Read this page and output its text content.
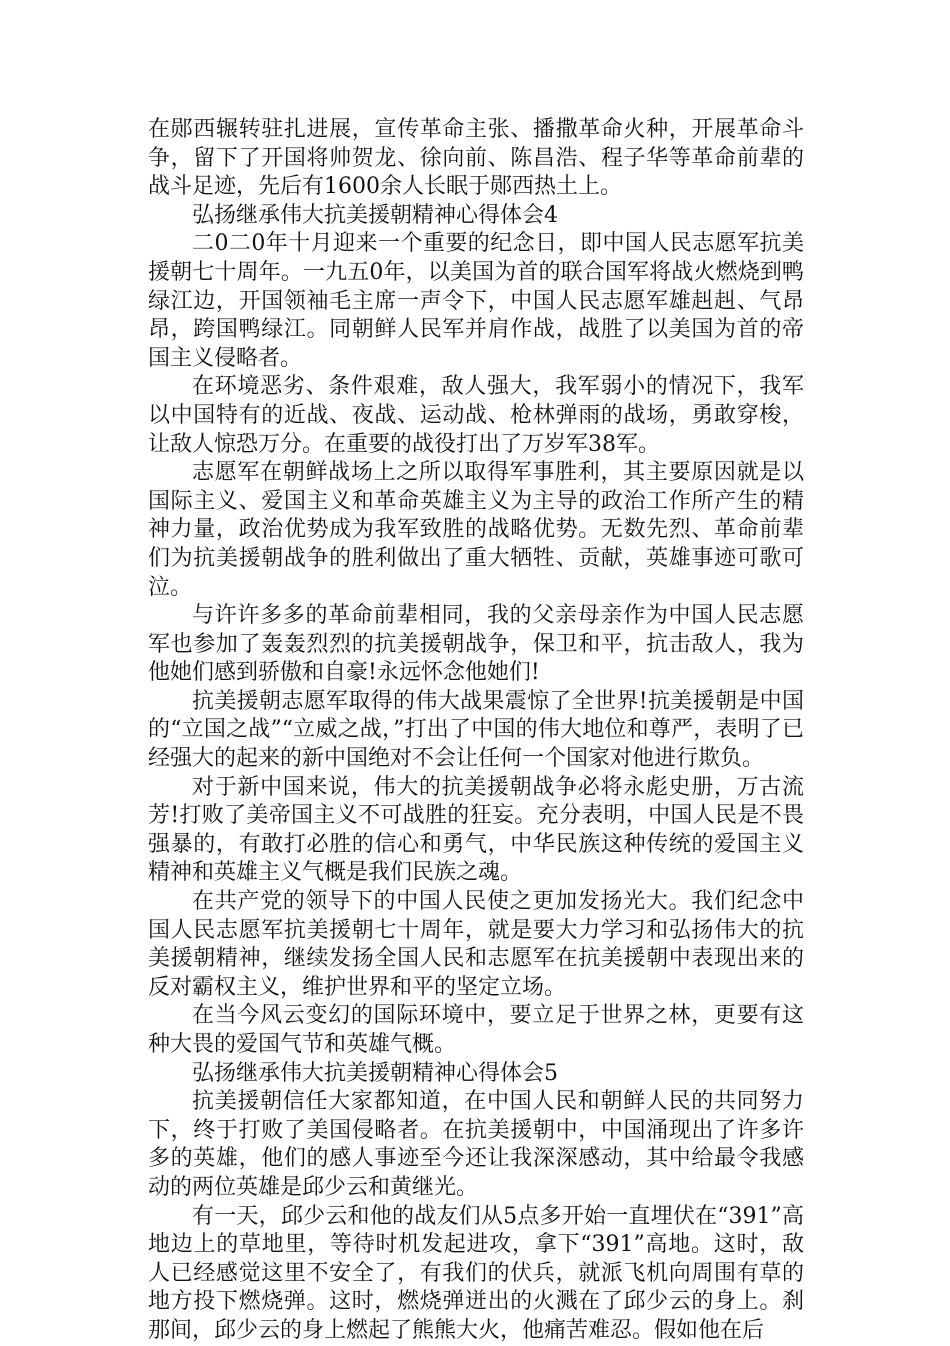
在郧西辗转驻扎进展，宣传革命主张、播撒革命火种，开展革命斗争，留下了开国将帅贺龙、徐向前、陈昌浩、程子华等革命前辈的战斗足迹，先后有1600余人长眠于郧西热土上。

弘扬继承伟大抗美援朝精神心得体会4

二0二0年十月迎来一个重要的纪念日，即中国人民志愿军抗美援朝七十周年。一九五0年，以美国为首的联合国军将战火燃烧到鸭绿江边，开国领袖毛主席一声令下，中国人民志愿军雄赳赳、气昂昂，跨国鸭绿江。同朝鲜人民军并肩作战，战胜了以美国为首的帝国主义侵略者。

在环境恶劣、条件艰难，敌人强大，我军弱小的情况下，我军以中国特有的近战、夜战、运动战、枪林弹雨的战场，勇敢穿梭，让敌人惊恐万分。在重要的战役打出了万岁军38军。

志愿军在朝鲜战场上之所以取得军事胜利，其主要原因就是以国际主义、爱国主义和革命英雄主义为主导的政治工作所产生的精神力量，政治优势成为我军致胜的战略优势。无数先烈、革命前辈们为抗美援朝战争的胜利做出了重大牺牲、贡献，英雄事迹可歌可泣。

与许许多多的革命前辈相同，我的父亲母亲作为中国人民志愿军也参加了轰轰烈烈的抗美援朝战争，保卫和平，抗击敌人，我为他她们感到骄傲和自豪!永远怀念他她们!

抗美援朝志愿军取得的伟大战果震惊了全世界!抗美援朝是中国的“立国之战”“立威之战，”打出了中国的伟大地位和尊严，表明了已经强大的起来的新中国绝对不会让任何一个国家对他进行欺负。

对于新中国来说，伟大的抗美援朝战争必将永彪史册，万古流芳!打败了美帝国主义不可战胜的狂妄。充分表明，中国人民是不畏强暴的，有敢打必胜的信心和勇气，中华民族这种传统的爱国主义精神和英雄主义气概是我们民族之魂。

在共产党的领导下的中国人民使之更加发扬光大。我们纪念中国人民志愿军抗美援朝七十周年，就是要大力学习和弘扬伟大的抗美援朝精神，继续发扬全国人民和志愿军在抗美援朝中表现出来的反对霸权主义，维护世界和平的坚定立场。

在当今风云变幻的国际环境中，要立足于世界之林，更要有这种大畏的爱国气节和英雄气概。

弘扬继承伟大抗美援朝精神心得体会5

抗美援朝信任大家都知道，在中国人民和朝鲜人民的共同努力下，终于打败了美国侵略者。在抗美援朝中，中国涌现出了许多许多的英雄，他们的感人事迹至今还让我深深感动，其中给最令我感动的两位英雄是邱少云和黄继光。

有一天，邱少云和他的战友们从5点多开始一直埋伏在“391”高地边上的草地里，等待时机发起进攻，拿下“391”高地。这时，敌人已经感觉这里不安全了，有我们的伏兵，就派飞机向周围有草的地方投下燃烧弹。这时，燃烧弹迸出的火溅在了邱少云的身上。刹那间，邱少云的身上燃起了熊熊大火，他痛苦难忍。假如他在后
